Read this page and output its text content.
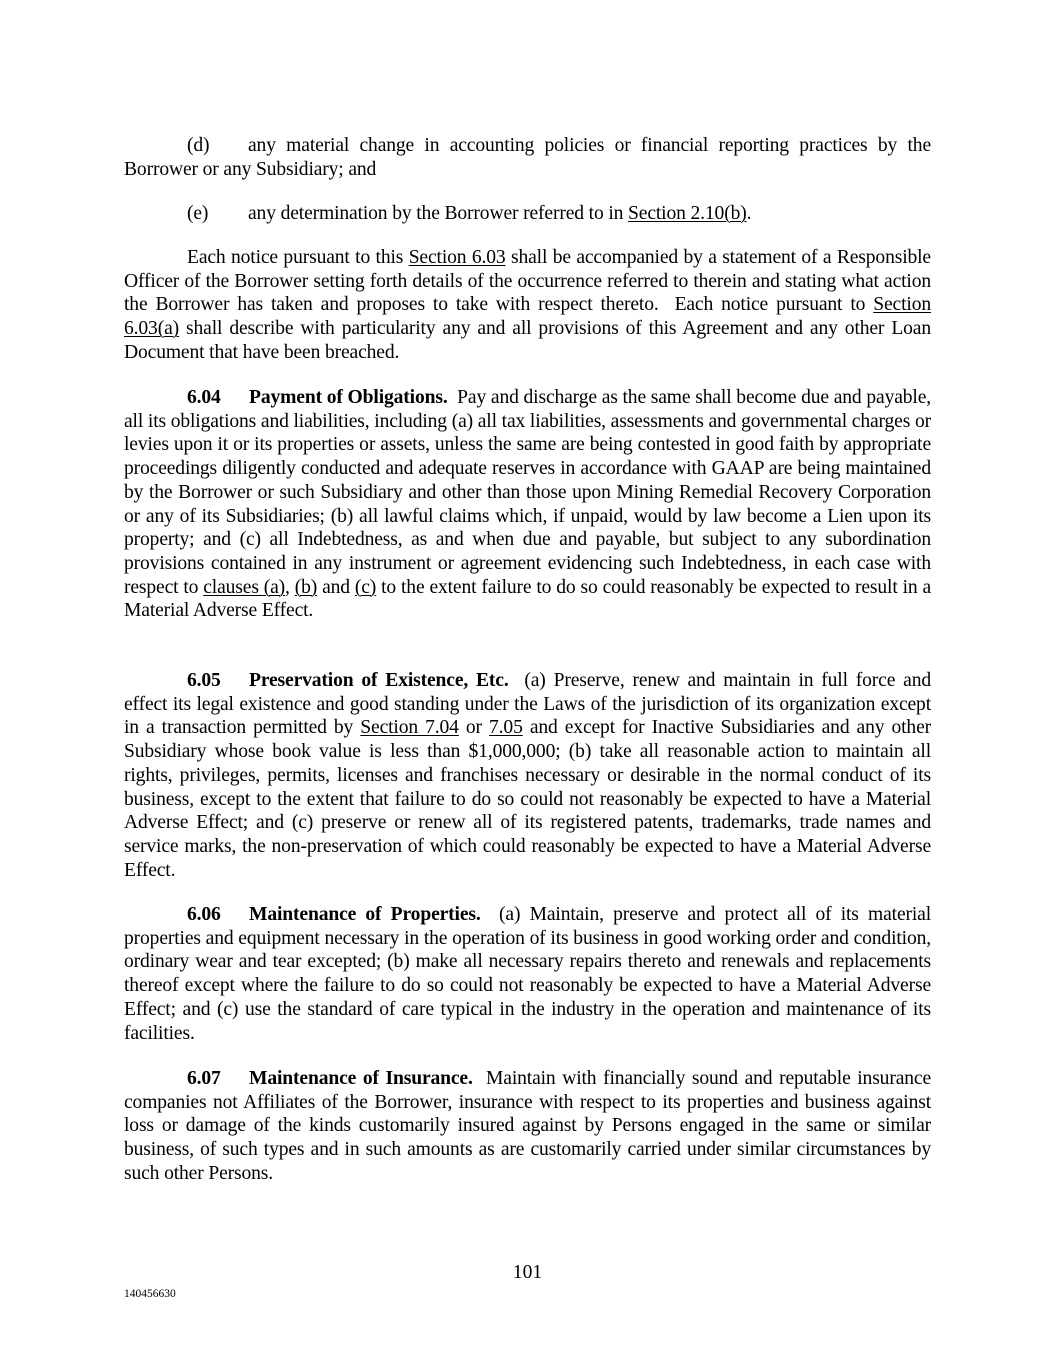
(d) any material change in accounting policies or financial reporting practices by the Borrower or any Subsidiary; and

(e) any determination by the Borrower referred to in Section 2.10(b).

Each notice pursuant to this Section 6.03 shall be accompanied by a statement of a Responsible Officer of the Borrower setting forth details of the occurrence referred to therein and stating what action the Borrower has taken and proposes to take with respect thereto.  Each notice pursuant to Section 6.03(a) shall describe with particularity any and all provisions of this Agreement and any other Loan Document that have been breached.

6.04 Payment of Obligations.  Pay and discharge as the same shall become due and payable, all its obligations and liabilities, including (a) all tax liabilities, assessments and governmental charges or levies upon it or its properties or assets, unless the same are being contested in good faith by appropriate proceedings diligently conducted and adequate reserves in accordance with GAAP are being maintained by the Borrower or such Subsidiary and other than those upon Mining Remedial Recovery Corporation or any of its Subsidiaries; (b) all lawful claims which, if unpaid, would by law become a Lien upon its property; and (c) all Indebtedness, as and when due and payable, but subject to any subordination provisions contained in any instrument or agreement evidencing such Indebtedness, in each case with respect to clauses (a), (b) and (c) to the extent failure to do so could reasonably be expected to result in a Material Adverse Effect.

6.05 Preservation of Existence, Etc.  (a) Preserve, renew and maintain in full force and effect its legal existence and good standing under the Laws of the jurisdiction of its organization except in a transaction permitted by Section 7.04 or 7.05 and except for Inactive Subsidiaries and any other Subsidiary whose book value is less than $1,000,000; (b) take all reasonable action to maintain all rights, privileges, permits, licenses and franchises necessary or desirable in the normal conduct of its business, except to the extent that failure to do so could not reasonably be expected to have a Material Adverse Effect; and (c) preserve or renew all of its registered patents, trademarks, trade names and service marks, the non-preservation of which could reasonably be expected to have a Material Adverse Effect.

6.06 Maintenance of Properties.  (a) Maintain, preserve and protect all of its material properties and equipment necessary in the operation of its business in good working order and condition, ordinary wear and tear excepted; (b) make all necessary repairs thereto and renewals and replacements thereof except where the failure to do so could not reasonably be expected to have a Material Adverse Effect; and (c) use the standard of care typical in the industry in the operation and maintenance of its facilities.

6.07 Maintenance of Insurance.  Maintain with financially sound and reputable insurance companies not Affiliates of the Borrower, insurance with respect to its properties and business against loss or damage of the kinds customarily insured against by Persons engaged in the same or similar business, of such types and in such amounts as are customarily carried under similar circumstances by such other Persons.

101
140456630
